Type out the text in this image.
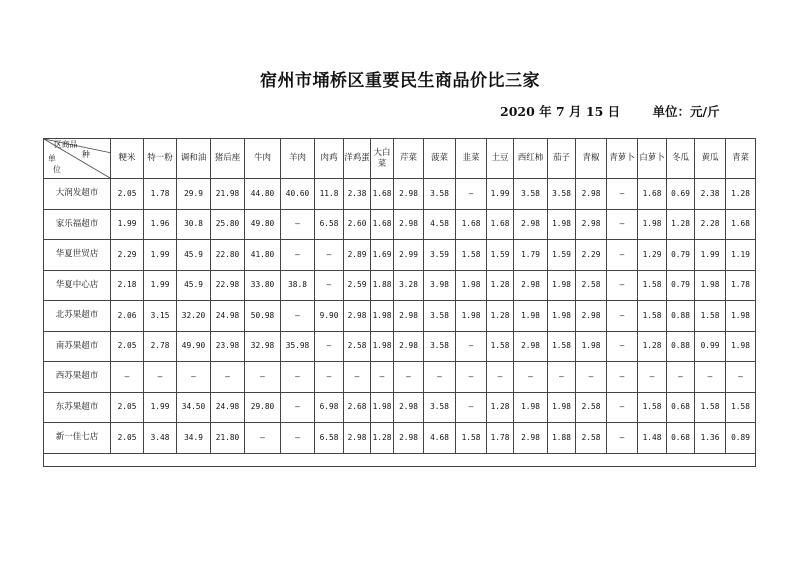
宿州市埇桥区重要民生商品价比三家
2020 年 7 月 15 日	单位：元/斤
区商品
种
单
位	粳米	特一粉	调和油	猪后座	牛肉	羊肉	肉鸡	洋鸡蛋	大白菜	芹菜	菠菜	韭菜	土豆	西红柿	茄子	青椒	青萝卜	白萝卜	冬瓜	黄瓜	青菜
大润发超市	2.05	1.78	29.9	21.98	44.80	40.60	11.8	2.38	1.68	2.98	3.58	–	1.99	3.58	3.58	2.98	–	1.68	0.69	2.38	1.28
家乐福超市	1.99	1.96	30.8	25.80	49.80	–	6.58	2.60	1.68	2.98	4.58	1.68	1.68	2.98	1.98	2.98	–	1.98	1.28	2.28	1.68
华夏世贸店	2.29	1.99	45.9	22.80	41.80	–	–	2.89	1.69	2.99	3.59	1.58	1.59	1.79	1.59	2.29	–	1.29	0.79	1.99	1.19
华夏中心店	2.18	1.99	45.9	22.98	33.80	38.8	–	2.59	1.88	3.28	3.98	1.98	1.28	2.98	1.98	2.58	–	1.58	0.79	1.98	1.78
北苏果超市	2.06	3.15	32.20	24.98	50.98	–	9.90	2.98	1.98	2.98	3.58	1.98	1.28	1.98	1.98	2.98	–	1.58	0.88	1.58	1.98
南苏果超市	2.05	2.78	49.90	23.98	32.98	35.98	–	2.58	1.98	2.98	3.58	–	1.58	2.98	1.58	1.98	–	1.28	0.88	0.99	1.98
西苏果超市	–	–	–	–	–	–	–	–	–	–	–	–	–	–	–	–	–	–	–	–	–
东苏果超市	2.05	1.99	34.50	24.98	29.80	–	6.98	2.68	1.98	2.98	3.58	–	1.28	1.98	1.98	2.58	–	1.58	0.68	1.58	1.58
新一佳七店	2.05	3.48	34.9	21.80	–	–	6.58	2.98	1.28	2.98	4.68	1.58	1.78	2.98	1.88	2.58	–	1.48	0.68	1.36	0.89
